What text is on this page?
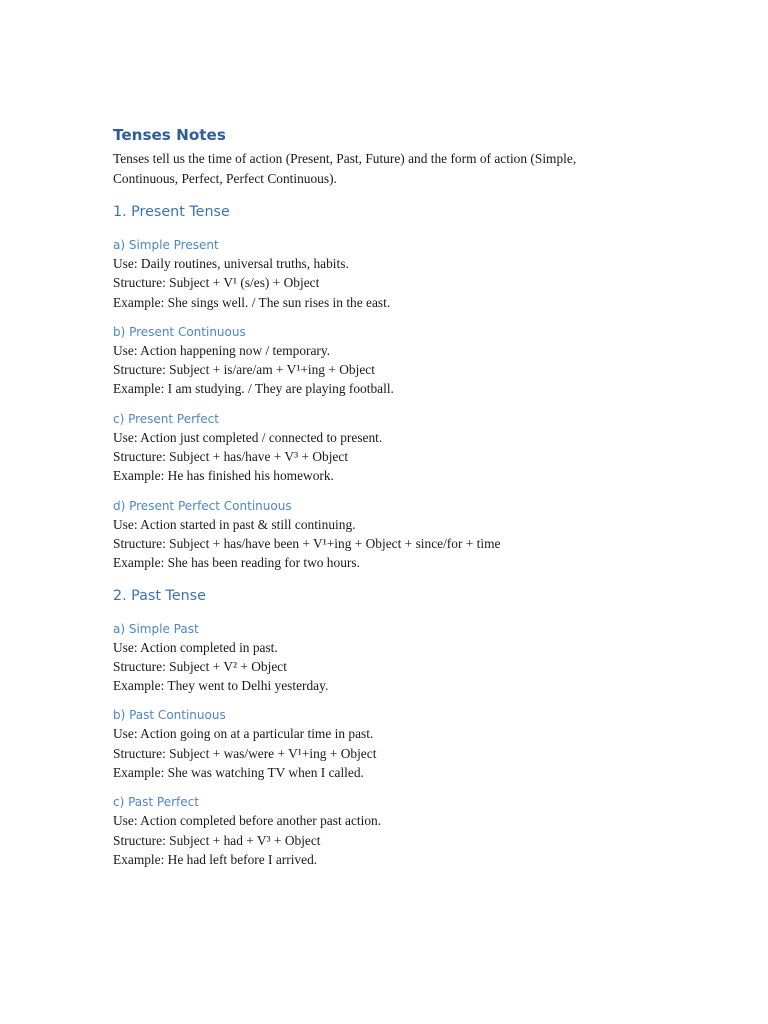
Tenses Notes

Tenses tell us the time of action (Present, Past, Future) and the form of action (Simple,

Continuous, Perfect, Perfect Continuous).

1. Present Tense
a) Simple Present

Use: Daily routines, universal truths, habits.

Structure: Subject + V¹ (s/es) + Object

Example: She sings well. / The sun rises in the east.

b) Present Continuous

Use: Action happening now / temporary.

Structure: Subject + is/are/am + V¹+ing + Object

Example: I am studying. / They are playing football.

c) Present Perfect

Use: Action just completed / connected to present.

Structure: Subject + has/have + V³ + Object

Example: He has finished his homework.

d) Present Perfect Continuous

Use: Action started in past & still continuing.

Structure: Subject + has/have been + V¹+ing + Object + since/for + time

Example: She has been reading for two hours.

2. Past Tense
a) Simple Past

Use: Action completed in past.

Structure: Subject + V² + Object

Example: They went to Delhi yesterday.

b) Past Continuous

Use: Action going on at a particular time in past.

Structure: Subject + was/were + V¹+ing + Object

Example: She was watching TV when I called.

c) Past Perfect

Use: Action completed before another past action.

Structure: Subject + had + V³ + Object

Example: He had left before I arrived.
